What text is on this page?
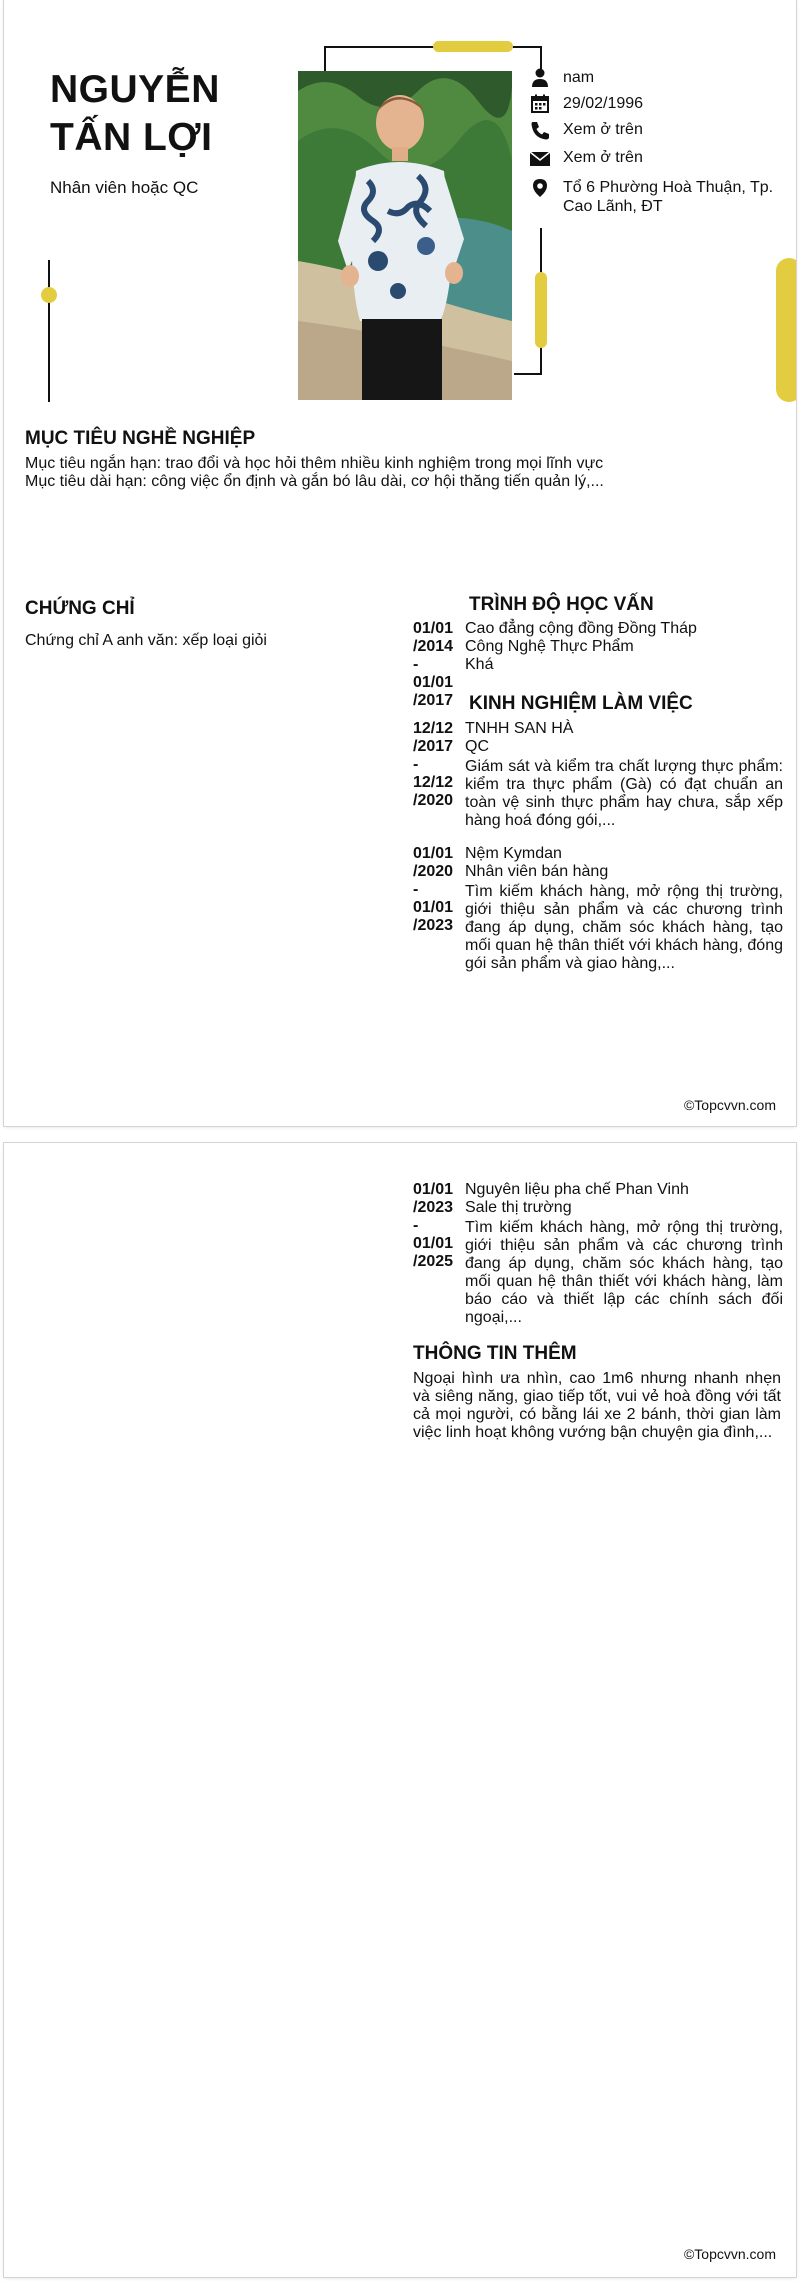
NGUYỄN
TẤN LỢI
Nhân viên hoặc QC
nam
29/02/1996
Xem ở trên
Xem ở trên
Tổ 6 Phường Hoà Thuận, Tp.
Cao Lãnh, ĐT
MỤC TIÊU NGHỀ NGHIỆP
Mục tiêu ngắn hạn: trao đổi và học hỏi thêm nhiều kinh nghiệm trong mọi lĩnh vực
Mục tiêu dài hạn: công việc ổn định và gắn bó lâu dài, cơ hội thăng tiến quản lý,...
CHỨNG CHỈ
Chứng chỉ A anh văn: xếp loại giỏi
TRÌNH ĐỘ HỌC VẤN
01/01
/2014
-
01/01
/2017
Cao đẳng cộng đồng Đồng Tháp
Công Nghệ Thực Phẩm
Khá
KINH NGHIỆM LÀM VIỆC
12/12
/2017
-
12/12
/2020
TNHH SAN HÀ
QC
Giám sát và kiểm tra chất lượng thực phẩm: kiểm tra thực phẩm (Gà) có đạt chuẩn an toàn vệ sinh thực phẩm hay chưa, sắp xếp hàng hoá đóng gói,...
01/01
/2020
-
01/01
/2023
Nệm Kymdan
Nhân viên bán hàng
Tìm kiếm khách hàng, mở rộng thị trường, giới thiệu sản phẩm và các chương trình đang áp dụng, chăm sóc khách hàng, tạo mối quan hệ thân thiết với khách hàng, đóng gói sản phẩm và giao hàng,...
©Topcvvn.com
01/01
/2023
-
01/01
/2025
Nguyên liệu pha chế Phan Vinh
Sale thị trường
Tìm kiếm khách hàng, mở rộng thị trường, giới thiệu sản phẩm và các chương trình đang áp dụng, chăm sóc khách hàng, tạo mối quan hệ thân thiết với khách hàng, làm báo cáo và thiết lập các chính sách đối ngoại,...
THÔNG TIN THÊM
Ngoại hình ưa nhìn, cao 1m6 nhưng nhanh nhẹn và siêng năng, giao tiếp tốt, vui vẻ hoà đồng với tất cả mọi người, có bằng lái xe 2 bánh, thời gian làm việc linh hoạt không vướng bận chuyện gia đình,...
©Topcvvn.com
